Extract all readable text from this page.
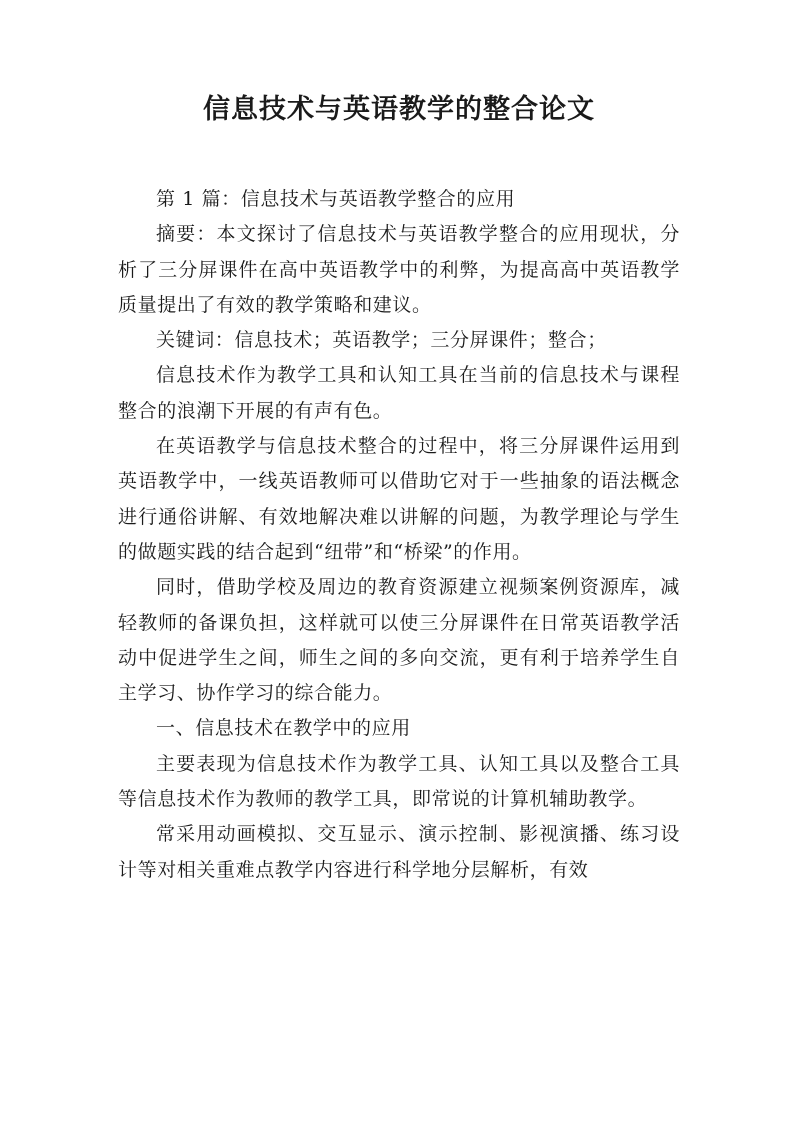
信息技术与英语教学的整合论文

第 1 篇：信息技术与英语教学整合的应用

摘要：本文探讨了信息技术与英语教学整合的应用现状，分析了三分屏课件在高中英语教学中的利弊，为提高高中英语教学质量提出了有效的教学策略和建议。

关键词：信息技术；英语教学；三分屏课件；整合；

信息技术作为教学工具和认知工具在当前的信息技术与课程整合的浪潮下开展的有声有色。

在英语教学与信息技术整合的过程中，将三分屏课件运用到英语教学中，一线英语教师可以借助它对于一些抽象的语法概念进行通俗讲解、有效地解决难以讲解的问题，为教学理论与学生的做题实践的结合起到“纽带”和“桥梁”的作用。

同时，借助学校及周边的教育资源建立视频案例资源库，减轻教师的备课负担，这样就可以使三分屏课件在日常英语教学活动中促进学生之间，师生之间的多向交流，更有利于培养学生自主学习、协作学习的综合能力。

一、信息技术在教学中的应用

主要表现为信息技术作为教学工具、认知工具以及整合工具等信息技术作为教师的教学工具，即常说的计算机辅助教学。

常采用动画模拟、交互显示、演示控制、影视演播、练习设计等对相关重难点教学内容进行科学地分层解析，有效
